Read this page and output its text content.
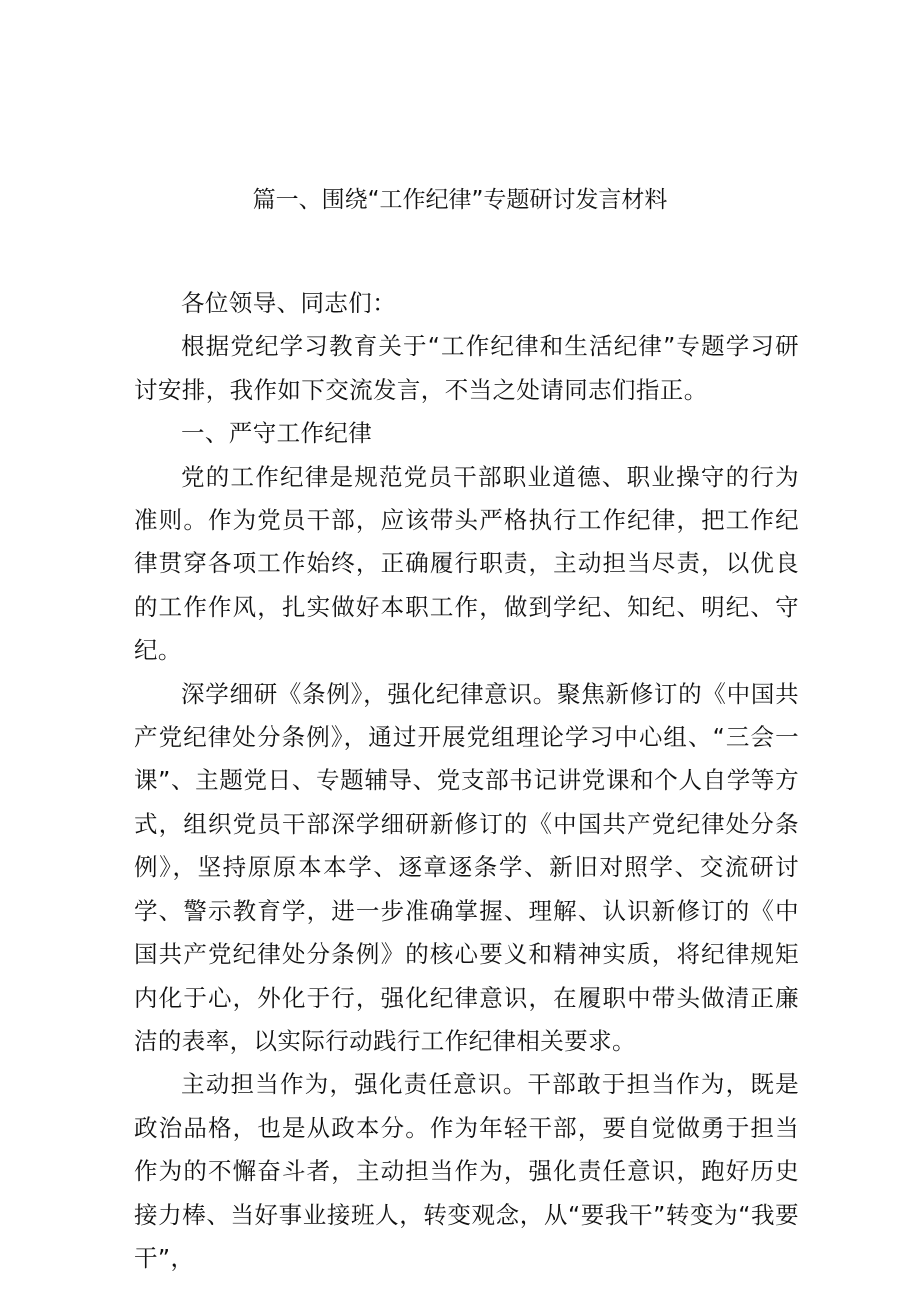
篇一、围绕“工作纪律”专题研讨发言材料

各位领导、同志们：

根据党纪学习教育关于“工作纪律和生活纪律”专题学习研讨安排，我作如下交流发言，不当之处请同志们指正。

一、严守工作纪律

党的工作纪律是规范党员干部职业道德、职业操守的行为准则。作为党员干部，应该带头严格执行工作纪律，把工作纪律贯穿各项工作始终，正确履行职责，主动担当尽责，以优良的工作作风，扎实做好本职工作，做到学纪、知纪、明纪、守纪。

深学细研《条例》，强化纪律意识。聚焦新修订的《中国共产党纪律处分条例》，通过开展党组理论学习中心组、“三会一课”、主题党日、专题辅导、党支部书记讲党课和个人自学等方式，组织党员干部深学细研新修订的《中国共产党纪律处分条例》，坚持原原本本学、逐章逐条学、新旧对照学、交流研讨学、警示教育学，进一步准确掌握、理解、认识新修订的《中国共产党纪律处分条例》的核心要义和精神实质，将纪律规矩内化于心，外化于行，强化纪律意识，在履职中带头做清正廉洁的表率，以实际行动践行工作纪律相关要求。

主动担当作为，强化责任意识。干部敢于担当作为，既是政治品格，也是从政本分。作为年轻干部，要自觉做勇于担当作为的不懈奋斗者，主动担当作为，强化责任意识，跑好历史接力棒、当好事业接班人，转变观念，从“要我干”转变为“我要干”，
